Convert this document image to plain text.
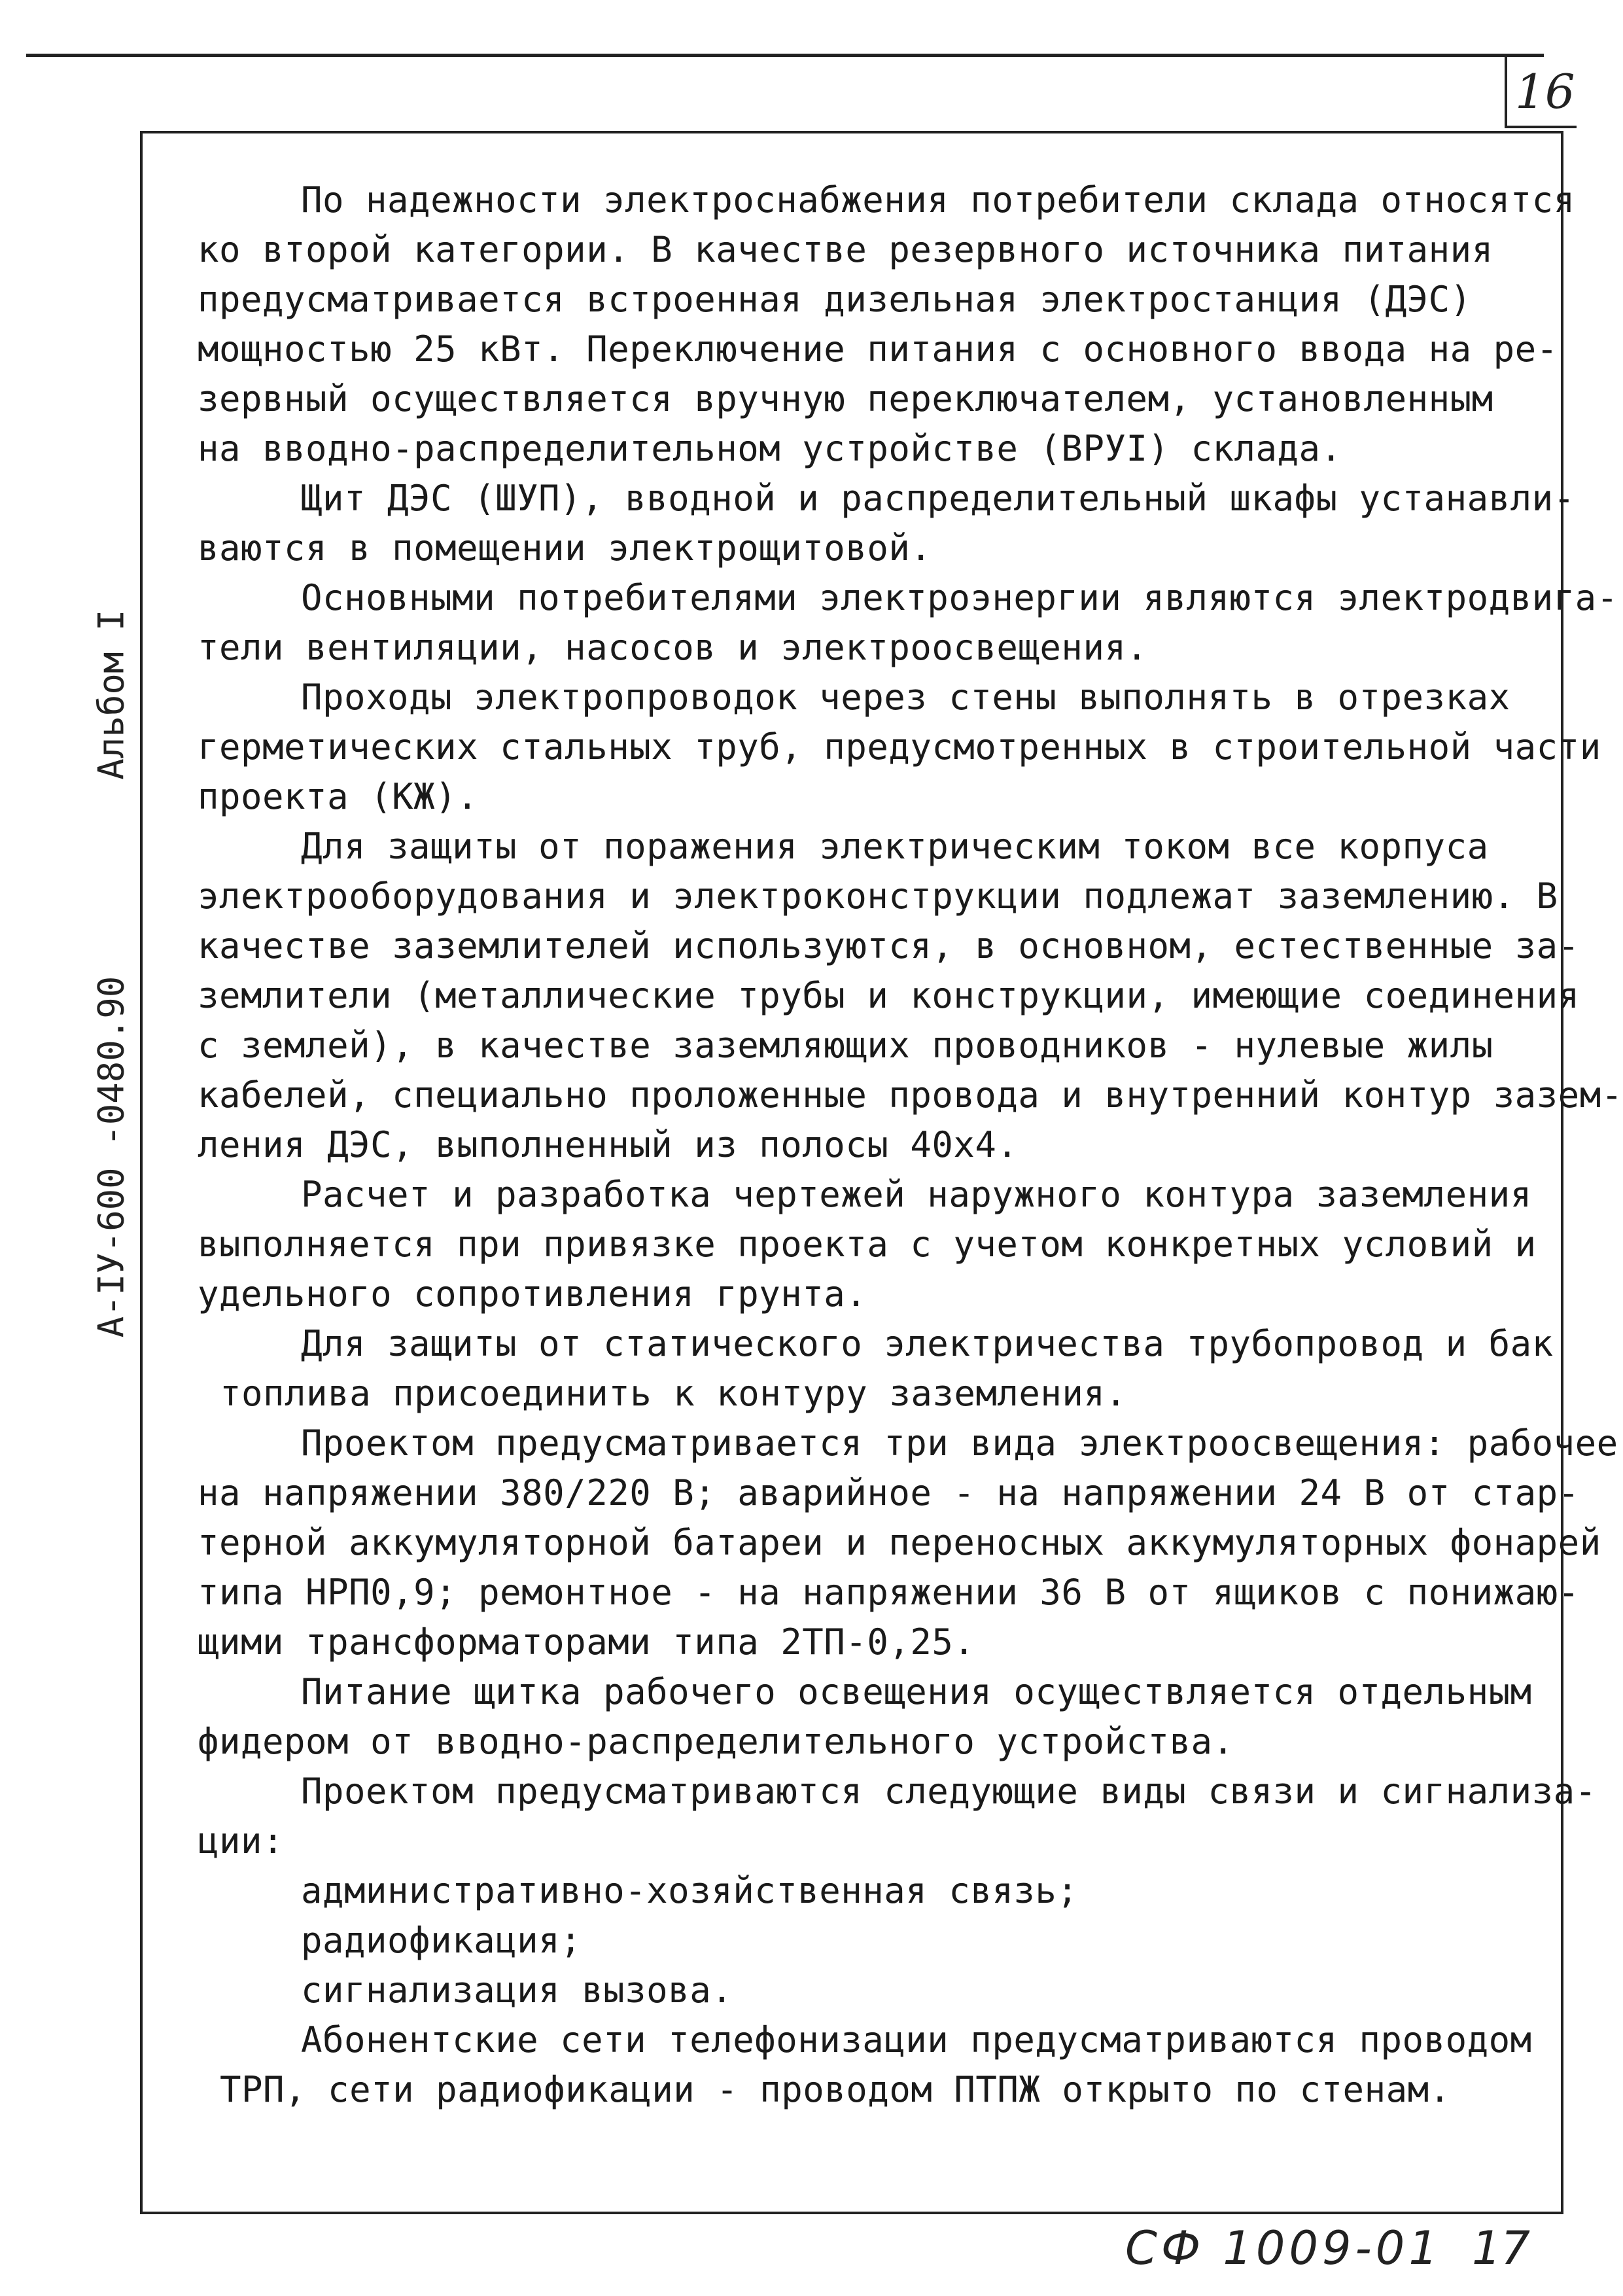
16
А-IУ-600 -0480.90Альбом I
По надежности электроснабжения потребители склада относятся
ко второй категории. В качестве резервного источника питания
предусматривается встроенная дизельная электростанция (ДЭС)
мощностью 25 кВт. Переключение питания с основного ввода на ре-
зервный осуществляется вручную переключателем, установленным
на вводно-распределительном устройстве (ВРУI) склада.
Щит ДЭС (ШУП), вводной и распределительный шкафы устанавли-
ваются в помещении электрощитовой.
Основными потребителями электроэнергии являются электродвига-
тели вентиляции, насосов и электроосвещения.
Проходы электропроводок через стены выполнять в отрезках
герметических стальных труб, предусмотренных в строительной части
проекта (КЖ).
Для защиты от поражения электрическим током все корпуса
электрооборудования и электроконструкции подлежат заземлению. В
качестве заземлителей используются, в основном, естественные за-
землители (металлические трубы и конструкции, имеющие соединения
с землей), в качестве заземляющих проводников - нулевые жилы
кабелей, специально проложенные провода и внутренний контур зазем-
ления ДЭС, выполненный из полосы 40х4.
Расчет и разработка чертежей наружного контура заземления
выполняется при привязке проекта с учетом конкретных условий и
удельного сопротивления грунта.
Для защиты от статического электричества трубопровод и бак
топлива присоединить к контуру заземления.
Проектом предусматривается три вида электроосвещения: рабочее
на напряжении 380/220 В; аварийное - на напряжении 24 В от стар-
терной аккумуляторной батареи и переносных аккумуляторных фонарей
типа НРП0,9; ремонтное - на напряжении 36 В от ящиков с понижаю-
щими трансформаторами типа 2ТП-0,25.
Питание щитка рабочего освещения осуществляется отдельным
фидером от вводно-распределительного устройства.
Проектом предусматриваются следующие виды связи и сигнализа-
ции:
административно-хозяйственная связь;
радиофикация;
сигнализация вызова.
Абонентские сети телефонизации предусматриваются проводом
ТРП, сети радиофикации - проводом ПТПЖ открыто по стенам.
СФ 1009-01 17
